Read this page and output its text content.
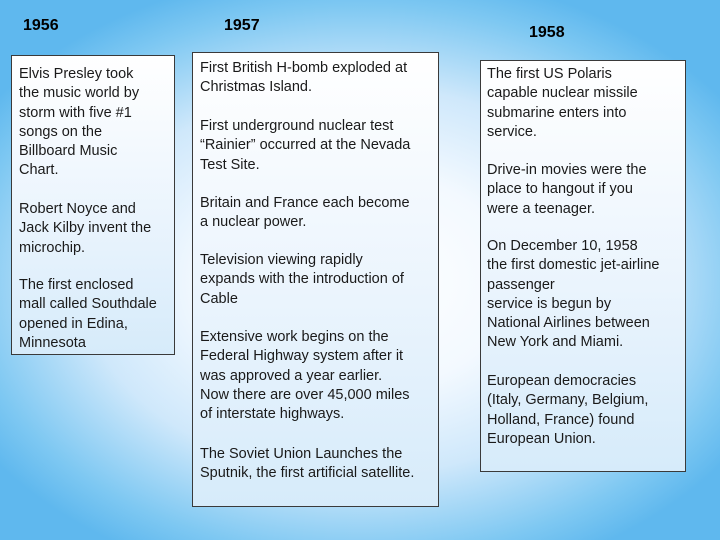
1956	1957	1958
Elvis Presley took
the music world by
storm with five #1
songs on the
Billboard Music
Chart.
Robert Noyce and
Jack Kilby invent the
microchip.
The first enclosed
mall called Southdale
opened in Edina,
Minnesota
First British H-bomb exploded at
Christmas Island.
First underground nuclear test
“Rainier” occurred at the Nevada
Test Site.
Britain and France each become
a nuclear power.
Television viewing rapidly
expands with the introduction of
Cable
Extensive work begins on the
Federal Highway system after it
was approved a year earlier.
Now there are over 45,000 miles
of interstate highways.
The Soviet Union Launches the
Sputnik, the first artificial satellite.
The first US Polaris
capable nuclear missile
submarine enters into
service.
Drive-in movies were the
place to hangout if you
were a teenager.
On December 10, 1958
the first domestic jet-airline
passenger
service is begun by
National Airlines between
New York and Miami.
European democracies
(Italy, Germany, Belgium,
Holland, France) found
European Union.
